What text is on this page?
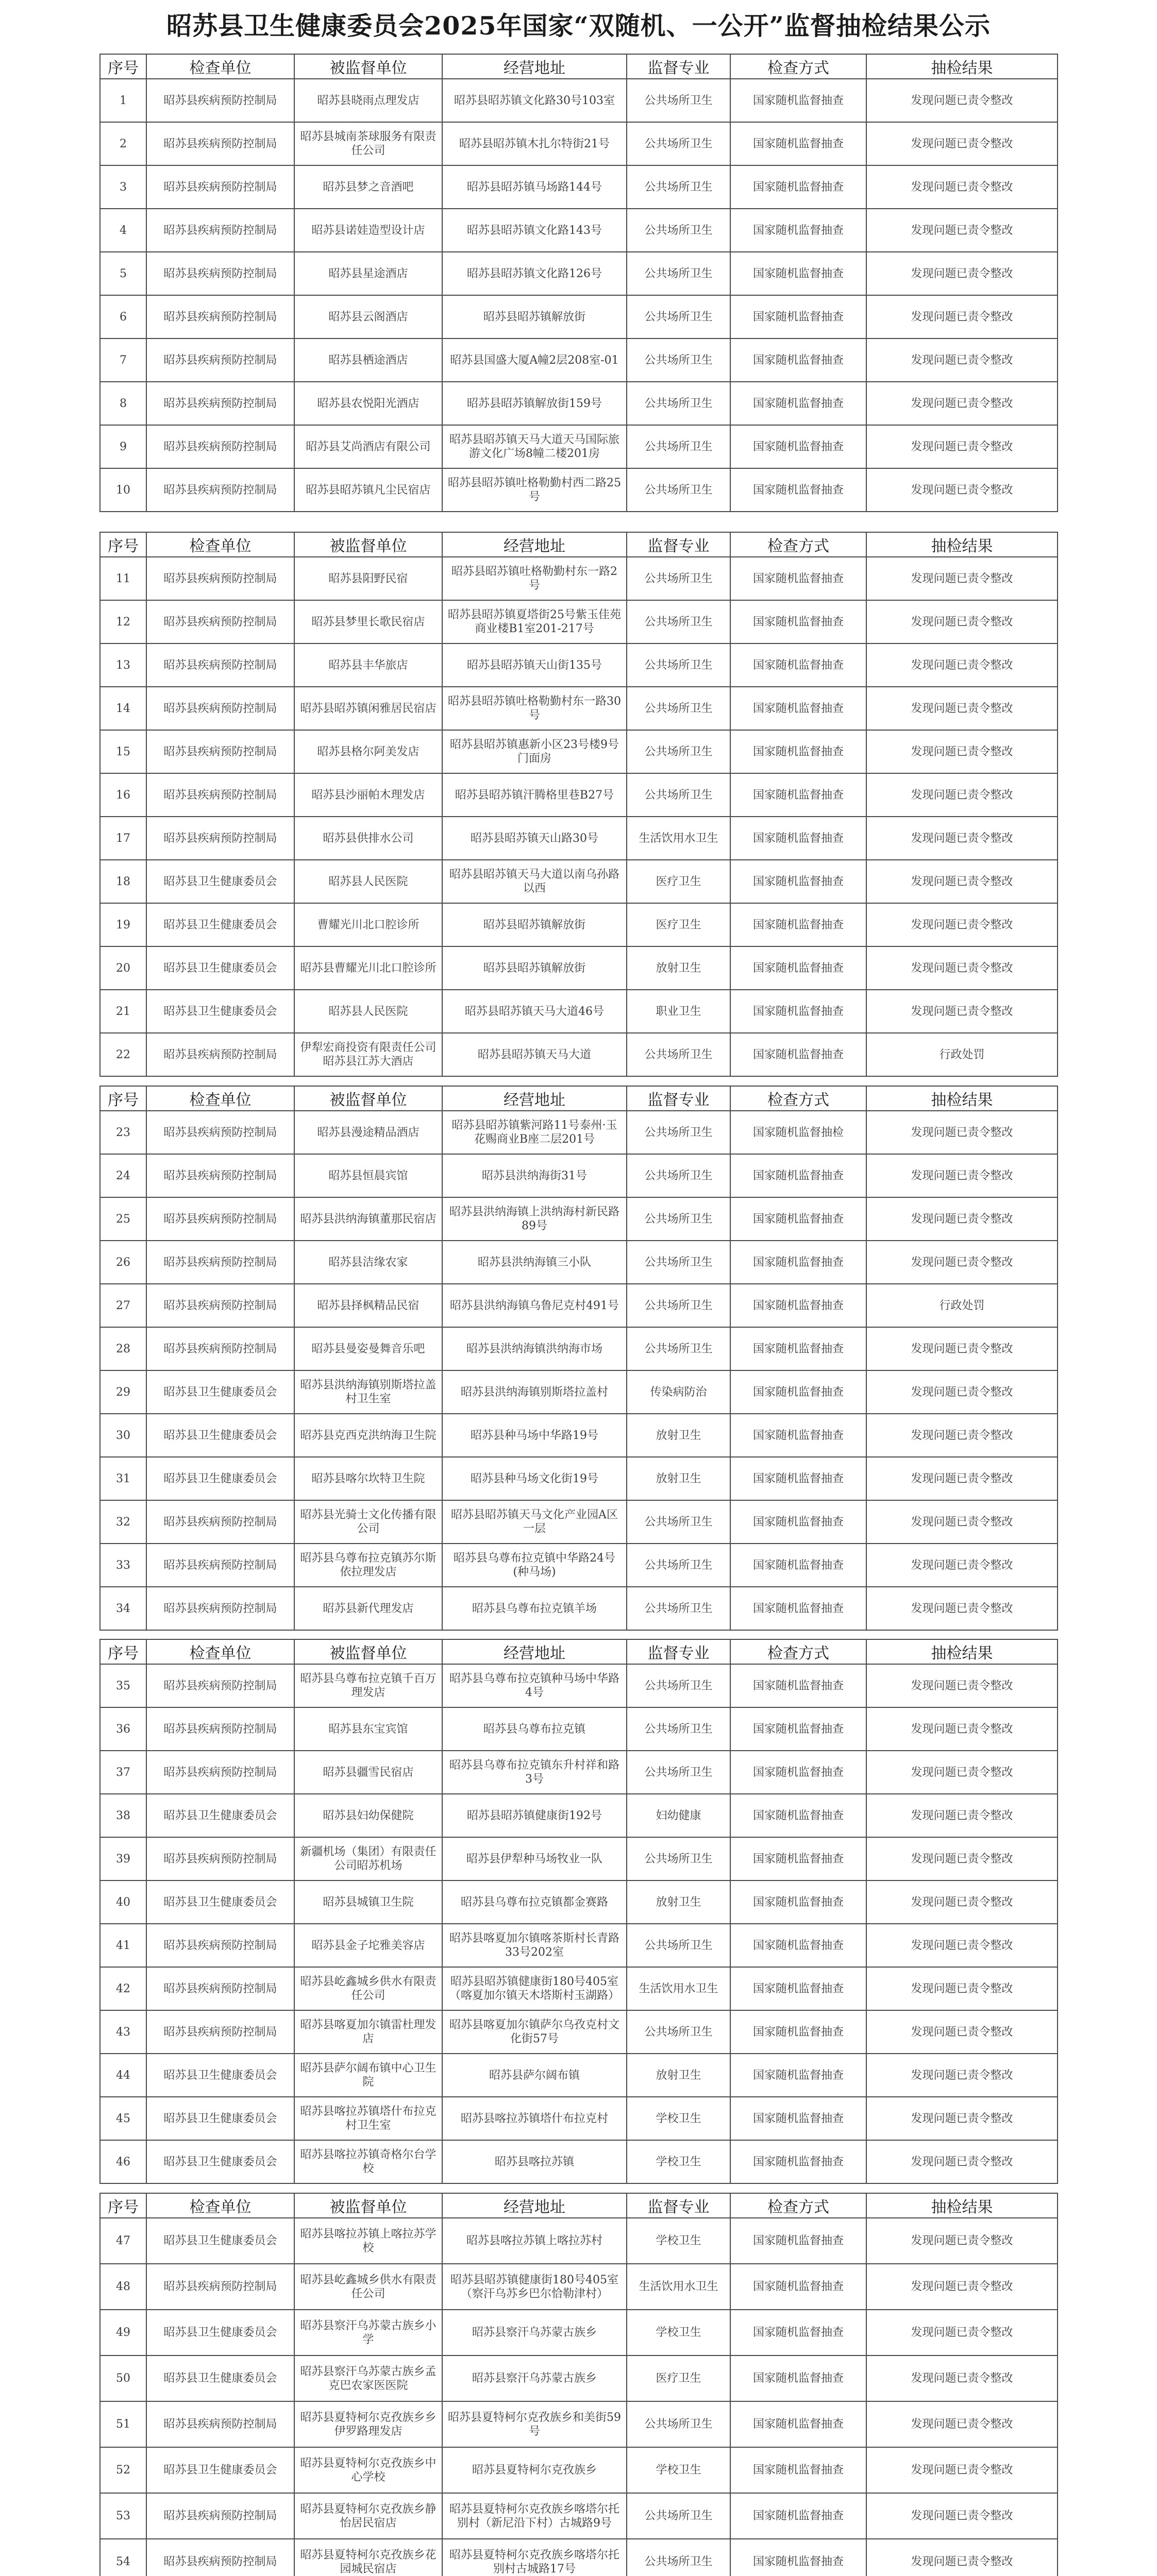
昭苏县卫生健康委员会2025年国家“双随机、一公开”监督抽检结果公示
序号	检查单位	被监督单位	经营地址	监督专业	检查方式	抽检结果
1	昭苏县疾病预防控制局	昭苏县晓雨点理发店	昭苏县昭苏镇文化路30号103室	公共场所卫生	国家随机监督抽查	发现问题已责令整改
2	昭苏县疾病预防控制局	昭苏县城南茶球服务有限责任公司	昭苏县昭苏镇木扎尔特街21号	公共场所卫生	国家随机监督抽查	发现问题已责令整改
3	昭苏县疾病预防控制局	昭苏县梦之音酒吧	昭苏县昭苏镇马场路144号	公共场所卫生	国家随机监督抽查	发现问题已责令整改
4	昭苏县疾病预防控制局	昭苏县诺娃造型设计店	昭苏县昭苏镇文化路143号	公共场所卫生	国家随机监督抽查	发现问题已责令整改
5	昭苏县疾病预防控制局	昭苏县星途酒店	昭苏县昭苏镇文化路126号	公共场所卫生	国家随机监督抽查	发现问题已责令整改
6	昭苏县疾病预防控制局	昭苏县云阁酒店	昭苏县昭苏镇解放街	公共场所卫生	国家随机监督抽查	发现问题已责令整改
7	昭苏县疾病预防控制局	昭苏县栖途酒店	昭苏县国盛大厦A幢2层208室-01	公共场所卫生	国家随机监督抽查	发现问题已责令整改
8	昭苏县疾病预防控制局	昭苏县农悦阳光酒店	昭苏县昭苏镇解放街159号	公共场所卫生	国家随机监督抽查	发现问题已责令整改
9	昭苏县疾病预防控制局	昭苏县艾尚酒店有限公司	昭苏县昭苏镇天马大道天马国际旅游文化广场8幢二楼201房	公共场所卫生	国家随机监督抽查	发现问题已责令整改
10	昭苏县疾病预防控制局	昭苏县昭苏镇凡尘民宿店	昭苏县昭苏镇吐格勒勤村西二路25号	公共场所卫生	国家随机监督抽查	发现问题已责令整改
序号	检查单位	被监督单位	经营地址	监督专业	检查方式	抽检结果
11	昭苏县疾病预防控制局	昭苏县阳野民宿	昭苏县昭苏镇吐格勒勤村东一路2号	公共场所卫生	国家随机监督抽查	发现问题已责令整改
12	昭苏县疾病预防控制局	昭苏县梦里长歌民宿店	昭苏县昭苏镇夏塔街25号紫玉佳苑商业楼B1室201-217号	公共场所卫生	国家随机监督抽查	发现问题已责令整改
13	昭苏县疾病预防控制局	昭苏县丰华旅店	昭苏县昭苏镇天山街135号	公共场所卫生	国家随机监督抽查	发现问题已责令整改
14	昭苏县疾病预防控制局	昭苏县昭苏镇闲雅居民宿店	昭苏县昭苏镇吐格勒勤村东一路30号	公共场所卫生	国家随机监督抽查	发现问题已责令整改
15	昭苏县疾病预防控制局	昭苏县格尔阿美发店	昭苏县昭苏镇惠新小区23号楼9号门面房	公共场所卫生	国家随机监督抽查	发现问题已责令整改
16	昭苏县疾病预防控制局	昭苏县沙丽帕木理发店	昭苏县昭苏镇汗腾格里巷B27号	公共场所卫生	国家随机监督抽查	发现问题已责令整改
17	昭苏县疾病预防控制局	昭苏县供排水公司	昭苏县昭苏镇天山路30号	生活饮用水卫生	国家随机监督抽查	发现问题已责令整改
18	昭苏县卫生健康委员会	昭苏县人民医院	昭苏县昭苏镇天马大道以南乌孙路以西	医疗卫生	国家随机监督抽查	发现问题已责令整改
19	昭苏县卫生健康委员会	曹耀光川北口腔诊所	昭苏县昭苏镇解放街	医疗卫生	国家随机监督抽查	发现问题已责令整改
20	昭苏县卫生健康委员会	昭苏县曹耀光川北口腔诊所	昭苏县昭苏镇解放街	放射卫生	国家随机监督抽查	发现问题已责令整改
21	昭苏县卫生健康委员会	昭苏县人民医院	昭苏县昭苏镇天马大道46号	职业卫生	国家随机监督抽查	发现问题已责令整改
22	昭苏县疾病预防控制局	伊犁宏商投资有限责任公司昭苏县江苏大酒店	昭苏县昭苏镇天马大道	公共场所卫生	国家随机监督抽查	行政处罚
序号	检查单位	被监督单位	经营地址	监督专业	检查方式	抽检结果
23	昭苏县疾病预防控制局	昭苏县漫途精品酒店	昭苏县昭苏镇紫河路11号泰州·玉花赐商业B座二层201号	公共场所卫生	国家随机监督抽检	发现问题已责令整改
24	昭苏县疾病预防控制局	昭苏县恒晨宾馆	昭苏县洪纳海街31号	公共场所卫生	国家随机监督抽查	发现问题已责令整改
25	昭苏县疾病预防控制局	昭苏县洪纳海镇董那民宿店	昭苏县洪纳海镇上洪纳海村新民路89号	公共场所卫生	国家随机监督抽查	发现问题已责令整改
26	昭苏县疾病预防控制局	昭苏县洁缘农家	昭苏县洪纳海镇三小队	公共场所卫生	国家随机监督抽查	发现问题已责令整改
27	昭苏县疾病预防控制局	昭苏县择枫精品民宿	昭苏县洪纳海镇乌鲁尼克村491号	公共场所卫生	国家随机监督抽查	行政处罚
28	昭苏县疾病预防控制局	昭苏县曼姿曼舞音乐吧	昭苏县洪纳海镇洪纳海市场	公共场所卫生	国家随机监督抽查	发现问题已责令整改
29	昭苏县卫生健康委员会	昭苏县洪纳海镇别斯塔拉盖村卫生室	昭苏县洪纳海镇别斯塔拉盖村	传染病防治	国家随机监督抽查	发现问题已责令整改
30	昭苏县卫生健康委员会	昭苏县克西克洪纳海卫生院	昭苏县种马场中华路19号	放射卫生	国家随机监督抽查	发现问题已责令整改
31	昭苏县卫生健康委员会	昭苏县喀尔坎特卫生院	昭苏县种马场文化街19号	放射卫生	国家随机监督抽查	发现问题已责令整改
32	昭苏县疾病预防控制局	昭苏县光骑士文化传播有限公司	昭苏县昭苏镇天马文化产业园A区一层	公共场所卫生	国家随机监督抽查	发现问题已责令整改
33	昭苏县疾病预防控制局	昭苏县乌尊布拉克镇苏尔斯依拉理发店	昭苏县乌尊布拉克镇中华路24号(种马场)	公共场所卫生	国家随机监督抽查	发现问题已责令整改
34	昭苏县疾病预防控制局	昭苏县新代理发店	昭苏县乌尊布拉克镇羊场	公共场所卫生	国家随机监督抽查	发现问题已责令整改
序号	检查单位	被监督单位	经营地址	监督专业	检查方式	抽检结果
35	昭苏县疾病预防控制局	昭苏县乌尊布拉克镇千百万理发店	昭苏县乌尊布拉克镇种马场中华路4号	公共场所卫生	国家随机监督抽查	发现问题已责令整改
36	昭苏县疾病预防控制局	昭苏县东宝宾馆	昭苏县乌尊布拉克镇	公共场所卫生	国家随机监督抽查	发现问题已责令整改
37	昭苏县疾病预防控制局	昭苏县疆雪民宿店	昭苏县乌尊布拉克镇东升村祥和路3号	公共场所卫生	国家随机监督抽查	发现问题已责令整改
38	昭苏县卫生健康委员会	昭苏县妇幼保健院	昭苏县昭苏镇健康街192号	妇幼健康	国家随机监督抽查	发现问题已责令整改
39	昭苏县疾病预防控制局	新疆机场（集团）有限责任公司昭苏机场	昭苏县伊犁种马场牧业一队	公共场所卫生	国家随机监督抽查	发现问题已责令整改
40	昭苏县卫生健康委员会	昭苏县城镇卫生院	昭苏县乌尊布拉克镇都金赛路	放射卫生	国家随机监督抽查	发现问题已责令整改
41	昭苏县疾病预防控制局	昭苏县金子坨雅美容店	昭苏县喀夏加尔镇喀茶斯村长青路33号202室	公共场所卫生	国家随机监督抽查	发现问题已责令整改
42	昭苏县疾病预防控制局	昭苏县屹鑫城乡供水有限责任公司	昭苏县昭苏镇健康街180号405室（喀夏加尔镇天木塔斯村玉湖路）	生活饮用水卫生	国家随机监督抽查	发现问题已责令整改
43	昭苏县疾病预防控制局	昭苏县喀夏加尔镇雷杜理发店	昭苏县喀夏加尔镇萨尔乌孜克村文化街57号	公共场所卫生	国家随机监督抽查	发现问题已责令整改
44	昭苏县卫生健康委员会	昭苏县萨尔阔布镇中心卫生院	昭苏县萨尔阔布镇	放射卫生	国家随机监督抽查	发现问题已责令整改
45	昭苏县卫生健康委员会	昭苏县喀拉苏镇塔什布拉克村卫生室	昭苏县喀拉苏镇塔什布拉克村	学校卫生	国家随机监督抽查	发现问题已责令整改
46	昭苏县卫生健康委员会	昭苏县喀拉苏镇奇格尔台学校	昭苏县喀拉苏镇	学校卫生	国家随机监督抽查	发现问题已责令整改
序号	检查单位	被监督单位	经营地址	监督专业	检查方式	抽检结果
47	昭苏县卫生健康委员会	昭苏县喀拉苏镇上喀拉苏学校	昭苏县喀拉苏镇上喀拉苏村	学校卫生	国家随机监督抽查	发现问题已责令整改
48	昭苏县疾病预防控制局	昭苏县屹鑫城乡供水有限责任公司	昭苏县昭苏镇健康街180号405室（察汗乌苏乡巴尔恰勒津村）	生活饮用水卫生	国家随机监督抽查	发现问题已责令整改
49	昭苏县卫生健康委员会	昭苏县察汗乌苏蒙古族乡小学	昭苏县察汗乌苏蒙古族乡	学校卫生	国家随机监督抽查	发现问题已责令整改
50	昭苏县卫生健康委员会	昭苏县察汗乌苏蒙古族乡孟克巴农家医医院	昭苏县察汗乌苏蒙古族乡	医疗卫生	国家随机监督抽查	发现问题已责令整改
51	昭苏县疾病预防控制局	昭苏县夏特柯尔克孜族乡乡伊罗路理发店	昭苏县夏特柯尔克孜族乡和美街59号	公共场所卫生	国家随机监督抽查	发现问题已责令整改
52	昭苏县卫生健康委员会	昭苏县夏特柯尔克孜族乡中心学校	昭苏县夏特柯尔克孜族乡	学校卫生	国家随机监督抽查	发现问题已责令整改
53	昭苏县疾病预防控制局	昭苏县夏特柯尔克孜族乡静怡居民宿店	昭苏县夏特柯尔克孜族乡喀塔尔托别村（新尼沿下村）古城路9号	公共场所卫生	国家随机监督抽查	发现问题已责令整改
54	昭苏县疾病预防控制局	昭苏县夏特柯尔克孜族乡花园城民宿店	昭苏县夏特柯尔克孜族乡喀塔尔托别村古城路17号	公共场所卫生	国家随机监督抽查	发现问题已责令整改
